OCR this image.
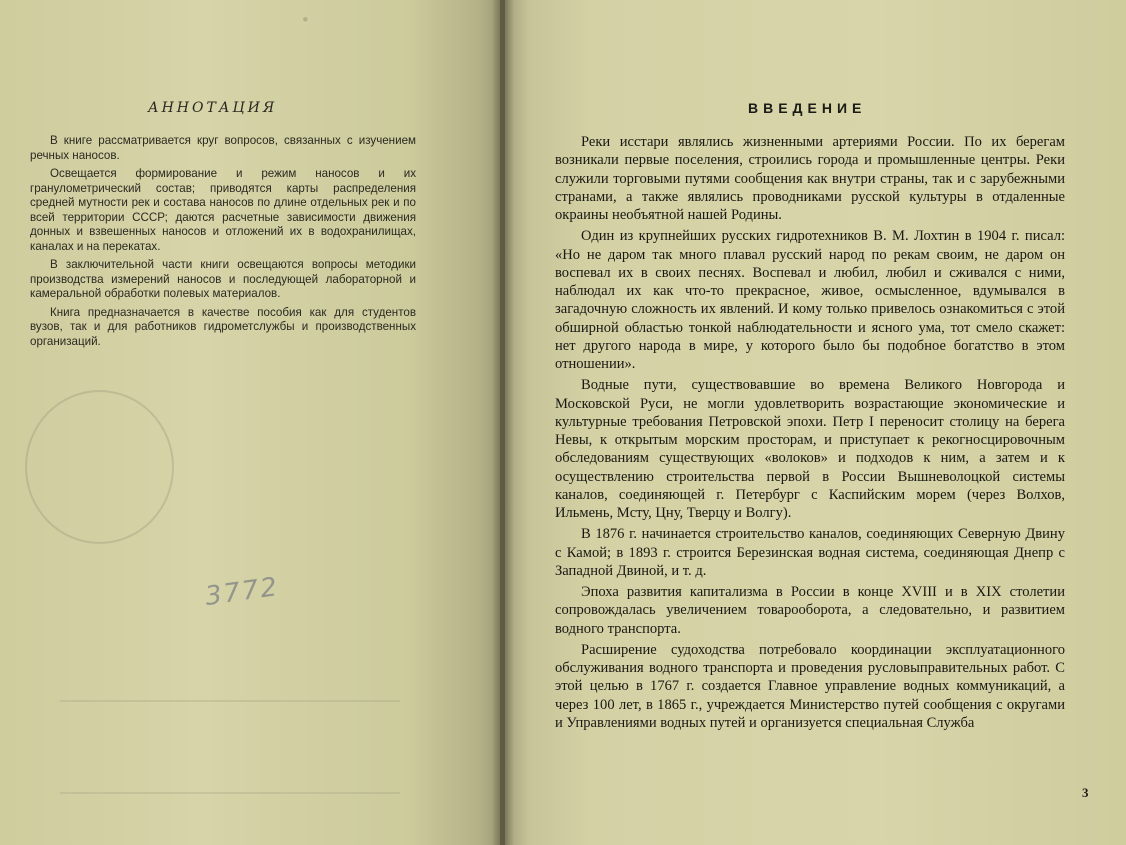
·
АННОТАЦИЯ

В книге рассматривается круг вопросов, связанных с изучением речных наносов.

Освещается формирование и режим наносов и их гранулометрический состав; приводятся карты распределения средней мутности рек и состава наносов по длине отдельных рек и по всей территории СССР; даются расчетные зависимости движения донных и взвешенных наносов и отложений их в водохранилищах, каналах и на перекатах.

В заключительной части книги освещаются вопросы методики производства измерений наносов и последующей лабораторной и камеральной обработки полевых материалов.

Книга предназначается в качестве пособия как для студентов вузов, так и для работников гидрометслужбы и производственных организаций.

3772
ВВЕДЕНИЕ

Реки исстари являлись жизненными артериями России. По их берегам возникали первые поселения, строились города и промышленные центры. Реки служили торговыми путями сообщения как внутри страны, так и с зарубежными странами, а также являлись проводниками русской культуры в отдаленные окраины необъятной нашей Родины.

Один из крупнейших русских гидротехников В. М. Лохтин в 1904 г. писал: «Но не даром так много плавал русский народ по рекам своим, не даром он воспевал их в своих песнях. Воспевал и любил, любил и сживался с ними, наблюдал их как что-то прекрасное, живое, осмысленное, вдумывался в загадочную сложность их явлений. И кому только привелось ознакомиться с этой обширной областью тонкой наблюдательности и ясного ума, тот смело скажет: нет другого народа в мире, у которого было бы подобное богатство в этом отношении».

Водные пути, существовавшие во времена Великого Новгорода и Московской Руси, не могли удовлетворить возрастающие экономические и культурные требования Петровской эпохи. Петр I переносит столицу на берега Невы, к открытым морским просторам, и приступает к рекогносцировочным обследованиям существующих «волоков» и подходов к ним, а затем и к осуществлению строительства первой в России Вышневолоцкой системы каналов, соединяющей г. Петербург с Каспийским морем (через Волхов, Ильмень, Мсту, Цну, Тверцу и Волгу).

В 1876 г. начинается строительство каналов, соединяющих Северную Двину с Камой; в 1893 г. строится Березинская водная система, соединяющая Днепр с Западной Двиной, и т. д.

Эпоха развития капитализма в России в конце XVIII и в XIX столетии сопровождалась увеличением товарооборота, а следовательно, и развитием водного транспорта.

Расширение судоходства потребовало координации эксплуатационного обслуживания водного транспорта и проведения русловыправительных работ. С этой целью в 1767 г. создается Главное управление водных коммуникаций, а через 100 лет, в 1865 г., учреждается Министерство путей сообщения с округами и Управлениями водных путей и организуется специальная Служба

3
